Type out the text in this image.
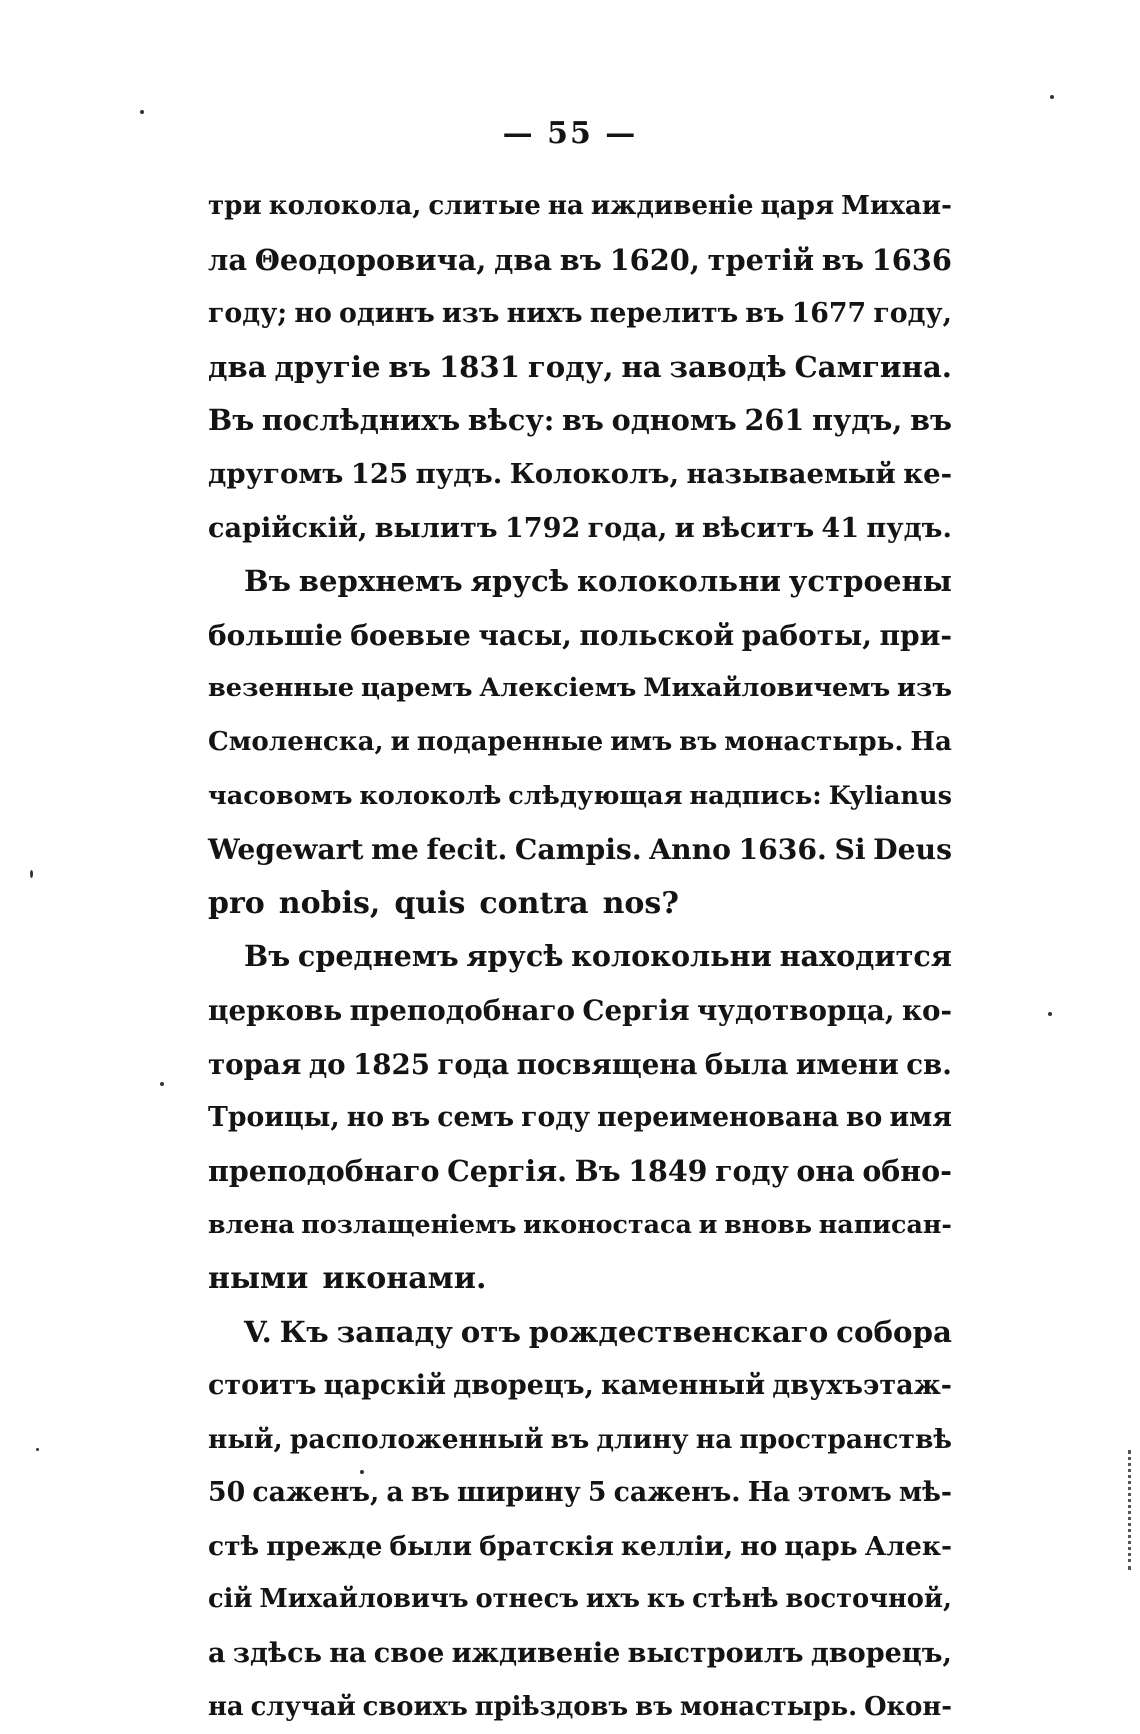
— 55 —
три колокола, слитые на иждивеніе царя Михаи-
ла Θеодоровича, два въ 1620, третій въ 1636
году; но одинъ изъ нихъ перелитъ въ 1677 году,
два другіе въ 1831 году, на заводѣ Самгина.
Въ послѣднихъ вѣсу: въ одномъ 261 пудъ, въ
другомъ 125 пудъ. Колоколъ, называемый ке-
сарійскій, вылитъ 1792 года, и вѣситъ 41 пудъ.
Въ верхнемъ ярусѣ колокольни устроены
большіе боевые часы, польской работы, при-
везенные царемъ Алексіемъ Михайловичемъ изъ
Смоленска, и подаренные имъ въ монастырь. На
часовомъ колоколѣ слѣдующая надпись: Kylianus
Wegewart me fecit. Campis. Anno 1636. Si Deus
pro nobis, quis contra nos?
Въ среднемъ ярусѣ колокольни находится
церковь преподобнаго Сергія чудотворца, ко-
торая до 1825 года посвящена была имени св.
Троицы, но въ семъ году переименована во имя
преподобнаго Сергія. Въ 1849 году она обно-
влена позлащеніемъ иконостаса и вновь написан-
ными иконами.
V. Къ западу отъ рождественскаго собора
стоитъ царскій дворецъ, каменный двухъэтаж-
ный, расположенный въ длину на пространствѣ
50 саженъ, а въ ширину 5 саженъ. На этомъ мѣ-
стѣ прежде были братскія келліи, но царь Алек-
сій Михайловичъ отнесъ ихъ къ стѣнѣ восточной,
а здѣсь на свое иждивеніе выстроилъ дворецъ,
на случай своихъ пріѣздовъ въ монастырь. Окон-
